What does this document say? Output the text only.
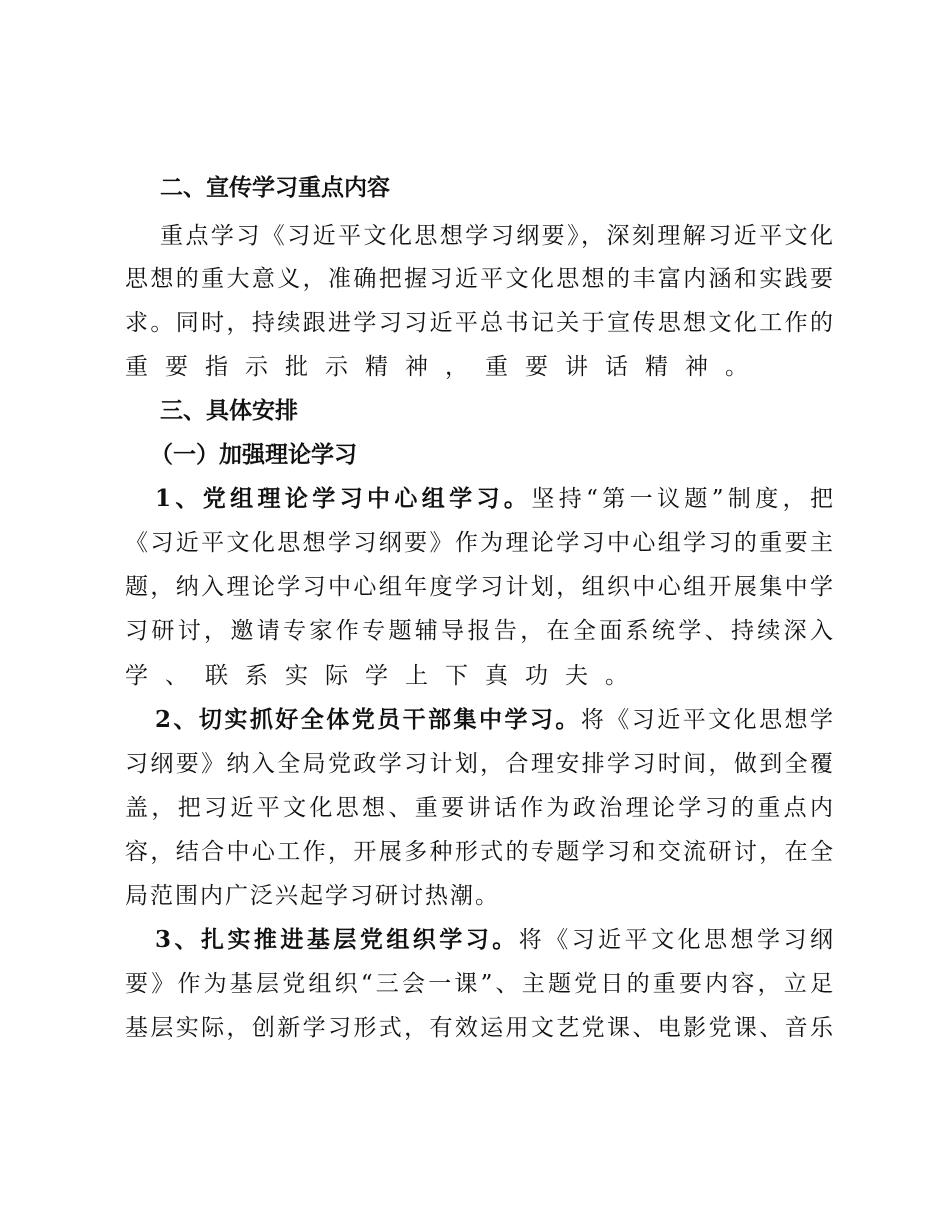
二、宣传学习重点内容
重点学习《习近平文化思想学习纲要》，深刻理解习近平文化
思想的重大意义，准确把握习近平文化思想的丰富内涵和实践要
求。同时，持续跟进学习习近平总书记关于宣传思想文化工作的
重要指示批示精神，重要讲话精神。
三、具体安排
（一）加强理论学习
1、党组理论学习中心组学习。坚持“第一议题”制度，把
《习近平文化思想学习纲要》作为理论学习中心组学习的重要主
题，纳入理论学习中心组年度学习计划，组织中心组开展集中学
习研讨，邀请专家作专题辅导报告，在全面系统学、持续深入
学、联系实际学上下真功夫。
2、切实抓好全体党员干部集中学习。将《习近平文化思想学
习纲要》纳入全局党政学习计划，合理安排学习时间，做到全覆
盖，把习近平文化思想、重要讲话作为政治理论学习的重点内
容，结合中心工作，开展多种形式的专题学习和交流研讨，在全
局范围内广泛兴起学习研讨热潮。
3、扎实推进基层党组织学习。将《习近平文化思想学习纲
要》作为基层党组织“三会一课”、主题党日的重要内容，立足
基层实际，创新学习形式，有效运用文艺党课、电影党课、音乐
